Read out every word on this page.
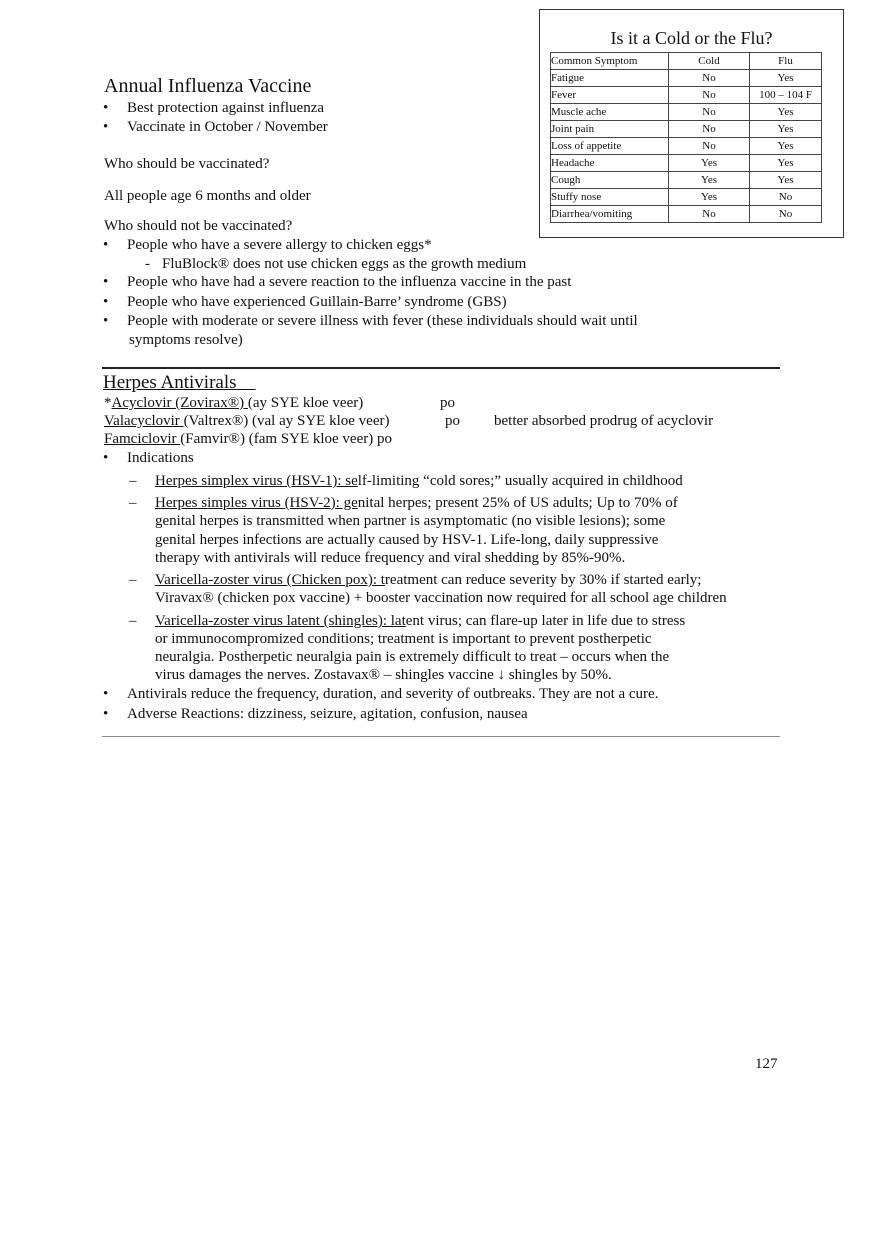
Is it a Cold or the Flu?
Common Symptom	Cold	Flu
Fatigue	No	Yes
Fever	No	100 – 104 F
Muscle ache	No	Yes
Joint pain	No	Yes
Loss of appetite	No	Yes
Headache	Yes	Yes
Cough	Yes	Yes
Stuffy nose	Yes	No
Diarrhea/vomiting	No	No
Annual Influenza Vaccine
• Best protection against influenza
• Vaccinate in October / November
Who should be vaccinated?
All people age 6 months and older
Who should not be vaccinated?
• People who have a severe allergy to chicken eggs*
- FluBlock® does not use chicken eggs as the growth medium
• People who have had a severe reaction to the influenza vaccine in the past
• People who have experienced Guillain-Barre’ syndrome (GBS)
• People with moderate or severe illness with fever (these individuals should wait until
symptoms resolve)
Herpes Antivirals
*Acyclovir (Zovirax®) (ay SYE kloe veer)	po
Valacyclovir (Valtrex®) (val ay SYE kloe veer)	po better absorbed prodrug of acyclovir
Famciclovir (Famvir®) (fam SYE kloe veer) po
• Indications
– Herpes simplex virus (HSV-1): self-limiting “cold sores;” usually acquired in childhood
– Herpes simples virus (HSV-2): genital herpes; present 25% of US adults; Up to 70% of
genital herpes is transmitted when partner is asymptomatic (no visible lesions); some
genital herpes infections are actually caused by HSV-1. Life-long, daily suppressive
therapy with antivirals will reduce frequency and viral shedding by 85%-90%.
– Varicella-zoster virus (Chicken pox): treatment can reduce severity by 30% if started early;
Viravax® (chicken pox vaccine) + booster vaccination now required for all school age children
– Varicella-zoster virus latent (shingles): latent virus; can flare-up later in life due to stress
or immunocompromized conditions; treatment is important to prevent postherpetic
neuralgia. Postherpetic neuralgia pain is extremely difficult to treat – occurs when the
virus damages the nerves. Zostavax® – shingles vaccine ↓ shingles by 50%.
• Antivirals reduce the frequency, duration, and severity of outbreaks. They are not a cure.
• Adverse Reactions: dizziness, seizure, agitation, confusion, nausea
127
